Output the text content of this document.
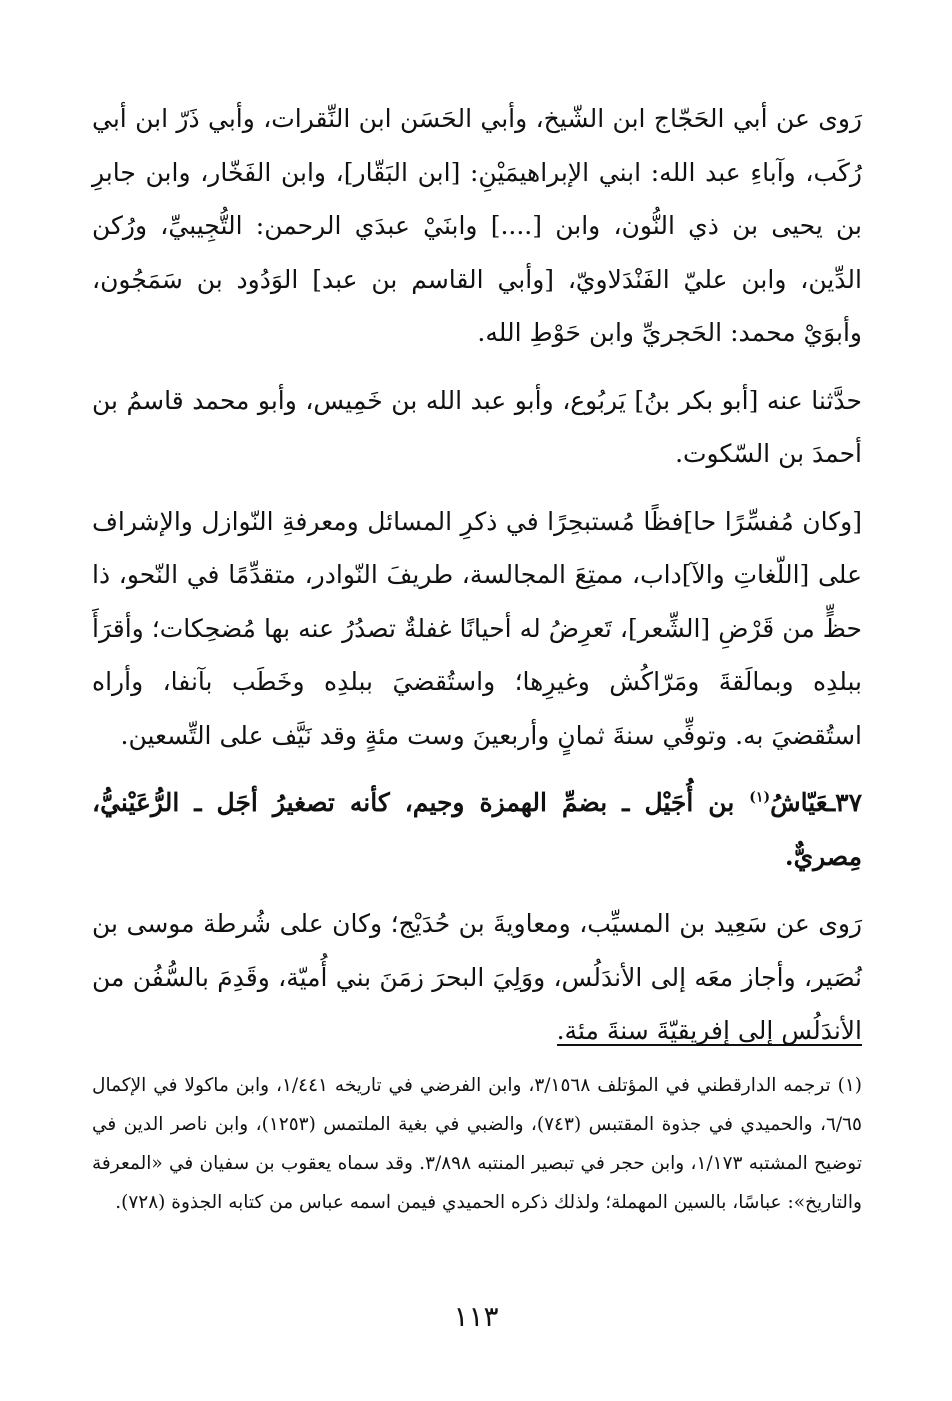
رَوى عن أبي الحَجّاج ابن الشّيخ، وأبي الحَسَن ابن النِّقرات، وأبي ذَرّ ابن أبي رُكَب، وآباءِ عبد الله: ابني الإبراهيمَيْنِ: [ابن البَقّار]، وابن الفَخّار، وابن جابرِ بن يحيى بن ذي النُّون، وابن [....] وابنَيْ عبدَي الرحمن: التُّجِيبيِّ، ورُكن الدِّين، وابن عليّ الفَنْدَلاويّ، [وأبي القاسم بن عبد] الوَدُود بن سَمَجُون، وأبوَيْ محمد: الحَجريِّ وابن حَوْطِ الله.

حدَّثنا عنه [أبو بكر بنُ] يَربُوع، وأبو عبد الله بن خَمِيس، وأبو محمد قاسمُ بن أحمدَ بن السّكوت.

[وكان مُفسِّرًا حا]فظًا مُستبحِرًا في ذكرِ المسائل ومعرفةِ النّوازل والإشراف على [اللّغاتِ والآ]داب، ممتِعَ المجالسة، طريفَ النّوادر، متقدِّمًا في النّحو، ذا حظٍّ من قَرْضِ [الشِّعر]، تَعرِضُ له أحيانًا غفلةٌ تصدُرُ عنه بها مُضحِكات؛ وأقرَأَ ببلدِه وبمالَقةَ ومَرّاكُش وغيرِها؛ واستُقضيَ ببلدِه وخَطَب بآنفا، وأراه استُقضيَ به. وتوفِّي سنةَ ثمانٍ وأربعينَ وست مئةٍ وقد نَيَّف على التِّسعين.

٣٧ـعَيّاشُ$^{(١)}$ بن أُجَيْل ـ بضمِّ الهمزة وجيم، كأنه تصغيرُ أجَل ـ الرُّعَيْنيُّ، مِصريٌّ.

رَوى عن سَعِيد بن المسيِّب، ومعاويةَ بن حُدَيْج؛ وكان على شُرطة موسى بن نُصَير، وأجاز معَه إلى الأندَلُس، ووَلِيَ البحرَ زمَنَ بني أُميّة، وقَدِمَ بالسُّفُن من الأندَلُس إلى إفريقيّةَ سنةَ مئة.

(١) ترجمه الدارقطني في المؤتلف ٣/١٥٦٨، وابن الفرضي في تاريخه ١/٤٤١، وابن ماكولا في الإكمال ٦/٦٥، والحميدي في جذوة المقتبس (٧٤٣)، والضبي في بغية الملتمس (١٢٥٣)، وابن ناصر الدين في توضيح المشتبه ١/١٧٣، وابن حجر في تبصير المنتبه ٣/٨٩٨. وقد سماه يعقوب بن سفيان في «المعرفة والتاريخ»: عباسًا، بالسين المهملة؛ ولذلك ذكره الحميدي فيمن اسمه عباس من كتابه الجذوة (٧٢٨).

١١٣
